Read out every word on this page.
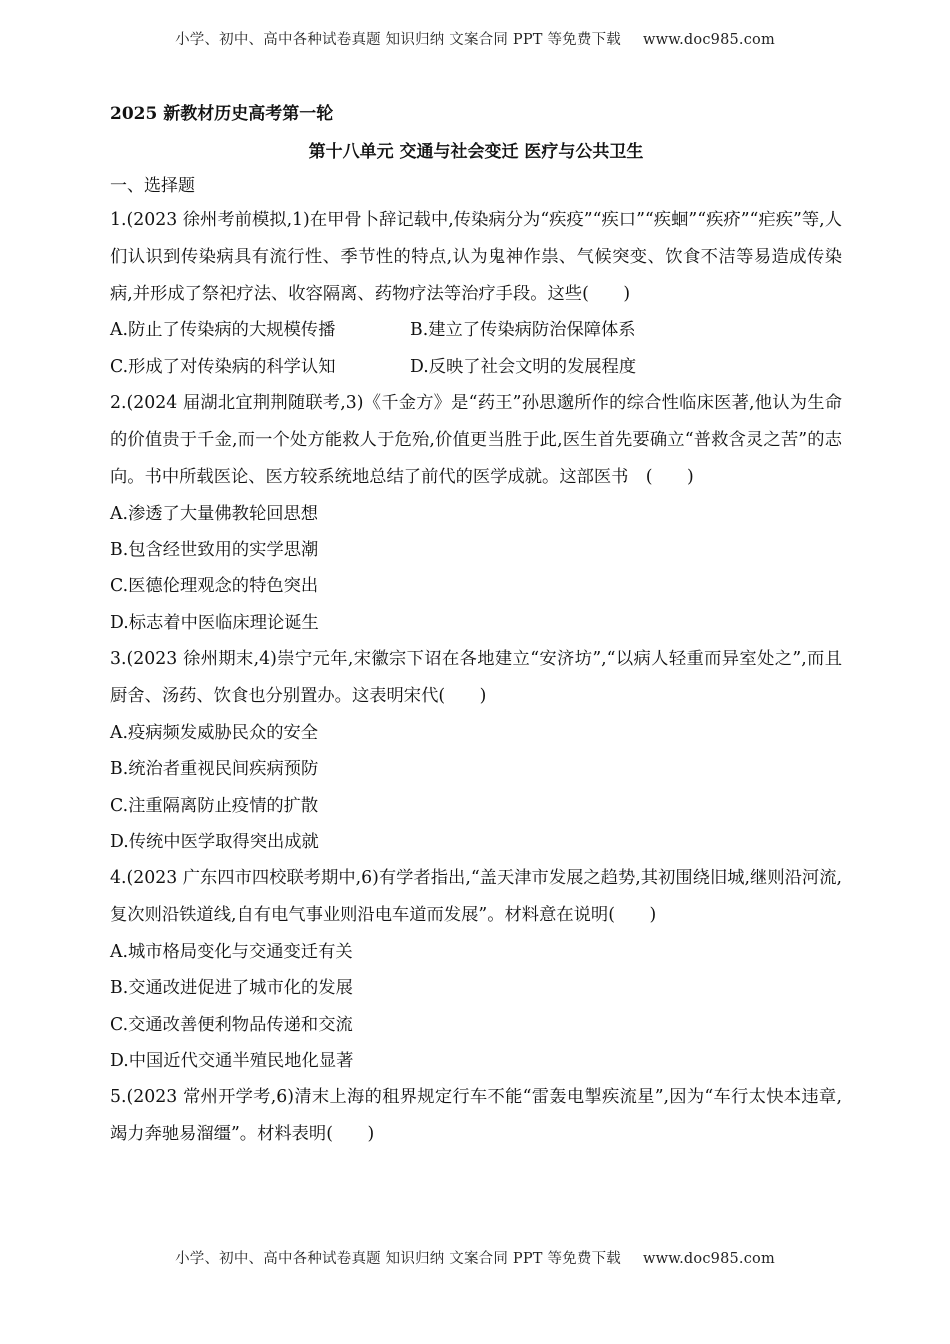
小学、初中、高中各种试卷真题 知识归纳 文案合同 PPT 等免费下载 www.doc985.com
2025 新教材历史高考第一轮
第十八单元 交通与社会变迁 医疗与公共卫生
一、选择题

1.(2023 徐州考前模拟,1)在甲骨卜辞记载中,传染病分为“疾疫”“疾口”“疾蛔”“疾疥”“疟疾”等,人们认识到传染病具有流行性、季节性的特点,认为鬼神作祟、气候突变、饮食不洁等易造成传染病,并形成了祭祀疗法、收容隔离、药物疗法等治疗手段。这些(　　)

A.防止了传染病的大规模传播	B.建立了传染病防治保障体系
C.形成了对传染病的科学认知	D.反映了社会文明的发展程度

2.(2024 届湖北宜荆荆随联考,3)《千金方》是“药王”孙思邈所作的综合性临床医著,他认为生命的价值贵于千金,而一个处方能救人于危殆,价值更当胜于此,医生首先要确立“普救含灵之苦”的志向。书中所载医论、医方较系统地总结了前代的医学成就。这部医书　(　　)

A.渗透了大量佛教轮回思想

B.包含经世致用的实学思潮

C.医德伦理观念的特色突出

D.标志着中医临床理论诞生

3.(2023 徐州期末,4)崇宁元年,宋徽宗下诏在各地建立“安济坊”,“以病人轻重而异室处之”,而且厨舍、汤药、饮食也分别置办。这表明宋代(　　)

A.疫病频发威胁民众的安全

B.统治者重视民间疾病预防

C.注重隔离防止疫情的扩散

D.传统中医学取得突出成就

4.(2023 广东四市四校联考期中,6)有学者指出,“盖天津市发展之趋势,其初围绕旧城,继则沿河流,复次则沿铁道线,自有电气事业则沿电车道而发展”。材料意在说明(　　)

A.城市格局变化与交通变迁有关

B.交通改进促进了城市化的发展

C.交通改善便利物品传递和交流

D.中国近代交通半殖民地化显著

5.(2023 常州开学考,6)清末上海的租界规定行车不能“雷轰电掣疾流星”,因为“车行太快本违章,竭力奔驰易溜缰”。材料表明(　　)

小学、初中、高中各种试卷真题 知识归纳 文案合同 PPT 等免费下载 www.doc985.com
